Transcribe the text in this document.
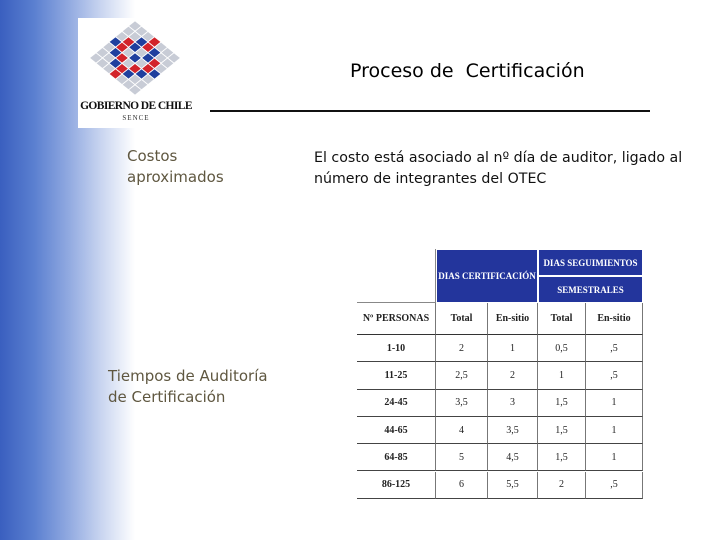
GOBIERNO DE CHILE
SENCE
Proceso de  Certificación
Costos
aproximados
Tiempos de Auditoría
de Certificación
El costo está asociado al nº día de auditor, ligado al número de integrantes del OTEC
DIAS CERTIFICACIÓN
DIAS SEGUIMIENTOS
SEMESTRALES
Nº PERSONAS	Total	En-sitio	Total	En-sitio
1-10	2	1	0,5	,5
11-25	2,5	2	1	,5
24-45	3,5	3	1,5	1
44-65	4	3,5	1,5	1
64-85	5	4,5	1,5	1
86-125	6	5,5	2	,5
